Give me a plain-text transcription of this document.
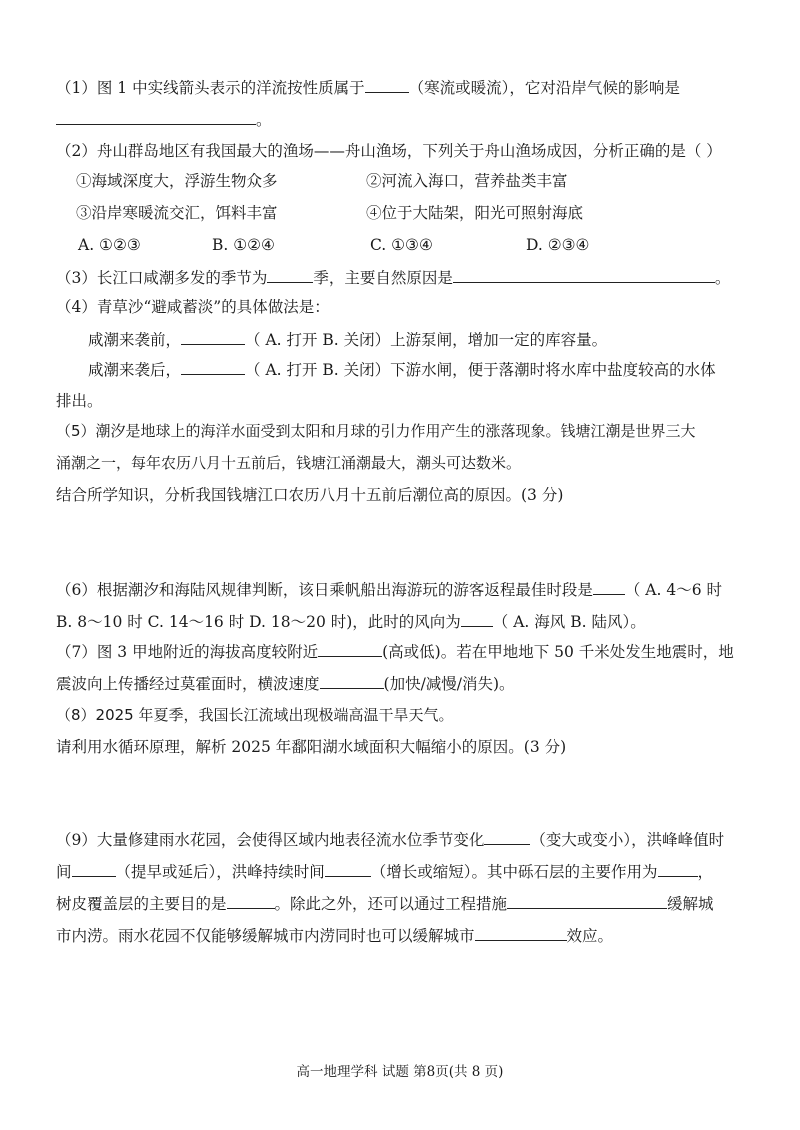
（1）图 1 中实线箭头表示的洋流按性质属于	（寒流或暖流），它对沿岸气候的影响是
。
（2）舟山群岛地区有我国最大的渔场——舟山渔场，下列关于舟山渔场成因，分析正确的是（ ）
①海域深度大，浮游生物众多	②河流入海口，营养盐类丰富
③沿岸寒暖流交汇，饵料丰富	④位于大陆架，阳光可照射海底
A. ①②③	B. ①②④	C. ①③④	D. ②③④
（3）长江口咸潮多发的季节为	季，主要自然原因是	。
（4）青草沙“避咸蓄淡”的具体做法是：
咸潮来袭前，	（ A. 打开 B. 关闭）上游泵闸，增加一定的库容量。
咸潮来袭后，	（ A. 打开 B. 关闭）下游水闸，便于落潮时将水库中盐度较高的水体
排出。
（5）潮汐是地球上的海洋水面受到太阳和月球的引力作用产生的涨落现象。钱塘江潮是世界三大
涌潮之一，每年农历八月十五前后，钱塘江涌潮最大，潮头可达数米。
结合所学知识，分析我国钱塘江口农历八月十五前后潮位高的原因。(3 分)
（6）根据潮汐和海陆风规律判断，该日乘帆船出海游玩的游客返程最佳时段是 （ A. 4～6 时
B. 8～10 时 C. 14～16 时 D. 18～20 时)，此时的风向为 （ A. 海风 B. 陆风）。
（7）图 3 甲地附近的海拔高度较附近	(高或低)。若在甲地地下 50 千米处发生地震时，地
震波向上传播经过莫霍面时，横波速度	(加快/减慢/消失)。
（8）2025 年夏季，我国长江流域出现极端高温干旱天气。
请利用水循环原理，解析 2025 年鄱阳湖水域面积大幅缩小的原因。(3 分)
（9）大量修建雨水花园，会使得区域内地表径流水位季节变化	（变大或变小），洪峰峰值时
间	（提早或延后），洪峰持续时间	（增长或缩短）。其中砾石层的主要作用为	，
树皮覆盖层的主要目的是	。除此之外，还可以通过工程措施	缓解城
市内涝。雨水花园不仅能够缓解城市内涝同时也可以缓解城市	效应。
高一地理学科 试题 第8页(共 8 页)
